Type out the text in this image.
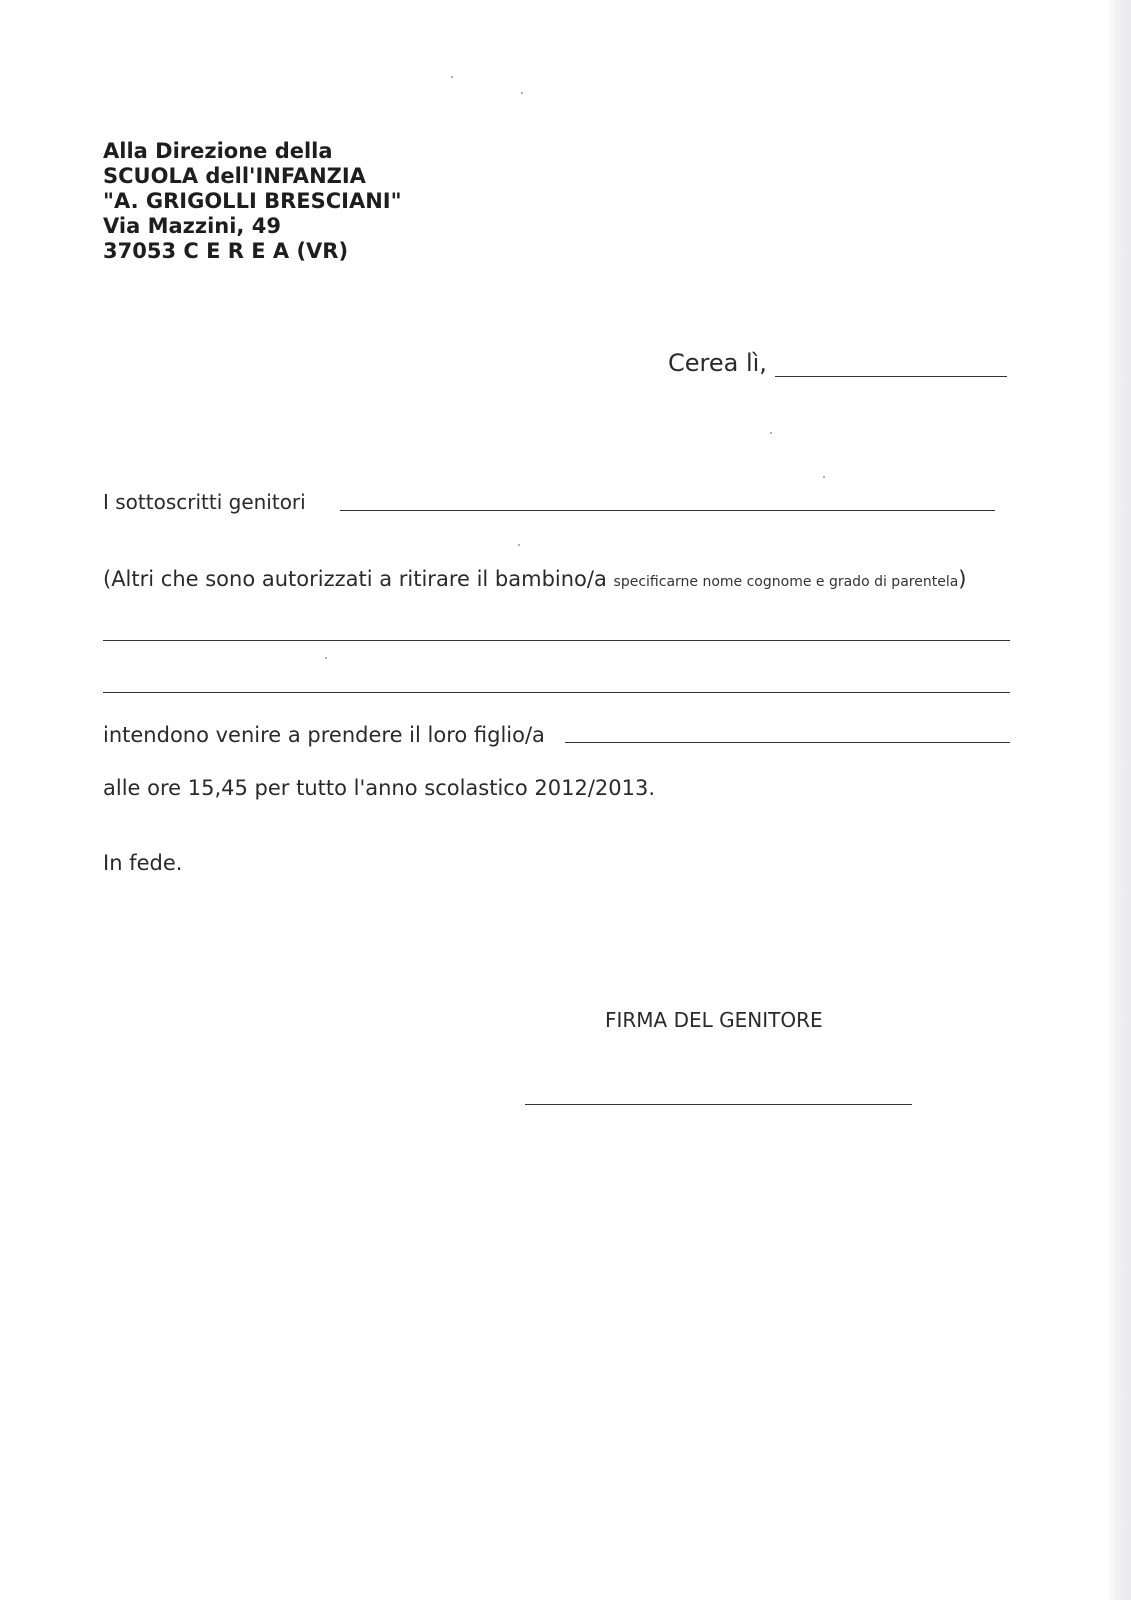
Alla Direzione della
SCUOLA dell'INFANZIA
"A. GRIGOLLI BRESCIANI"
Via Mazzini, 49
37053 C E R E A (VR)
Cerea lì,
I sottoscritti genitori
(Altri che sono autorizzati a ritirare il bambino/a specificarne nome cognome e grado di parentela)
intendono venire a prendere il loro figlio/a
alle ore 15,45 per tutto l'anno scolastico 2012/2013.
In fede.
FIRMA DEL GENITORE
